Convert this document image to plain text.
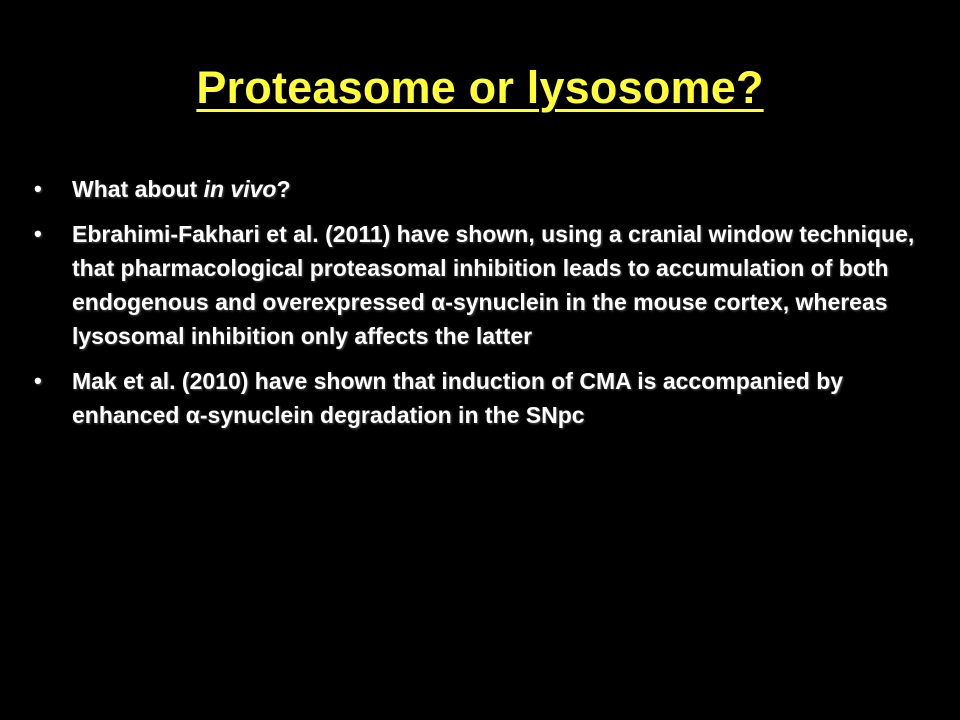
Proteasome or lysosome?
• What about in vivo?
• Ebrahimi-Fakhari et al. (2011) have shown, using a cranial window technique, that pharmacological proteasomal inhibition leads to accumulation of both endogenous and overexpressed α-synuclein in the mouse cortex, whereas lysosomal inhibition only affects the latter
• Mak et al. (2010) have shown that induction of CMA is accompanied by enhanced α-synuclein degradation in the SNpc
